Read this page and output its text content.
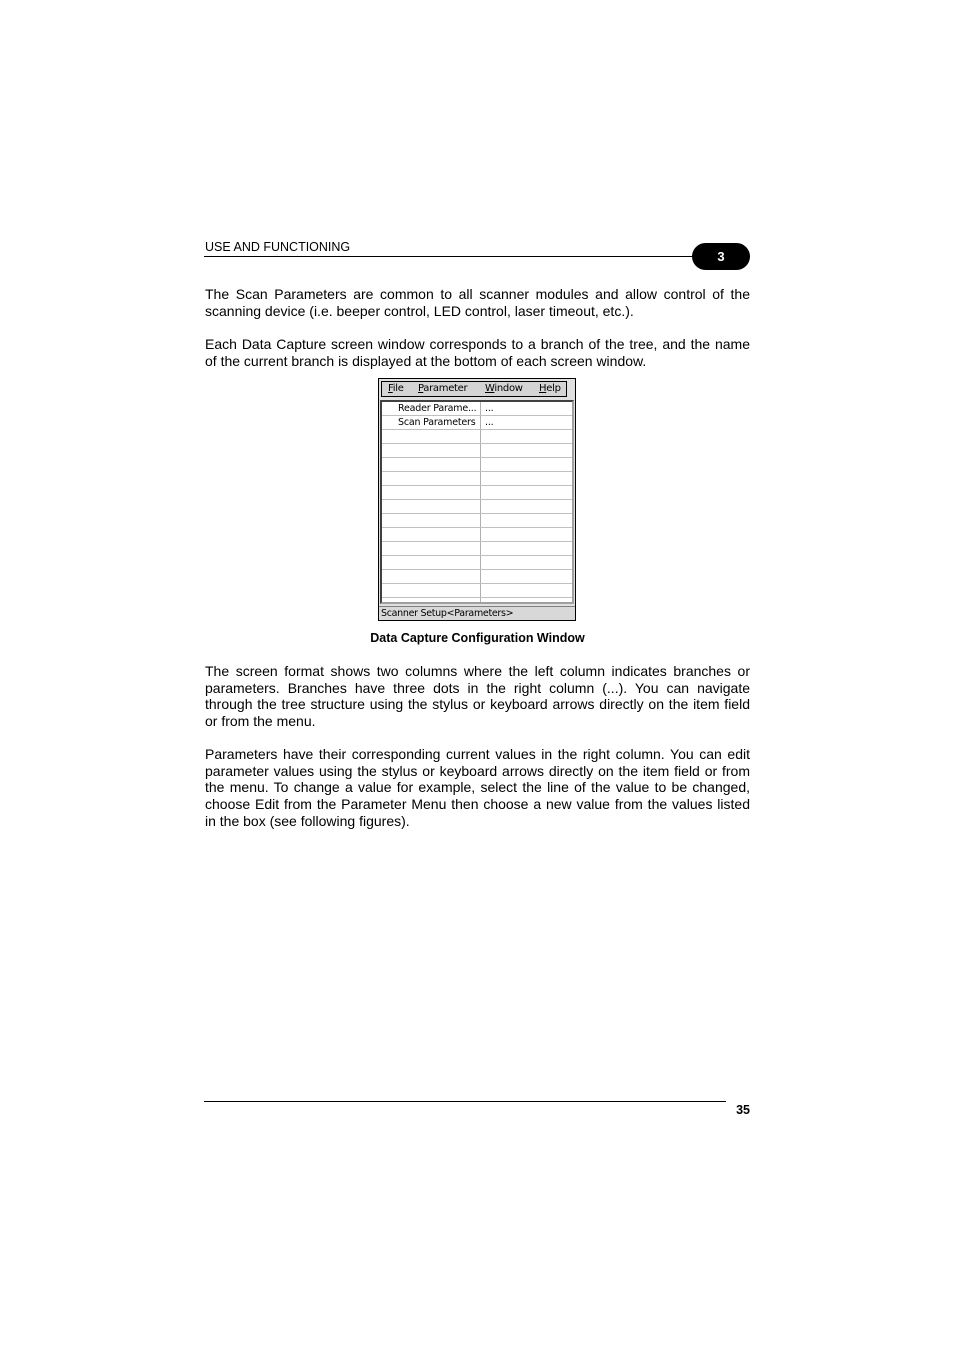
USE AND FUNCTIONING
3

The Scan Parameters are common to all scanner modules and allow control of the scanning device (i.e. beeper control, LED control, laser timeout, etc.).

Each Data Capture screen window corresponds to a branch of the tree, and the name of the current branch is displayed at the bottom of each screen window.

File Parameter Window Help
Reader Parame... ...
Scan Parameters ...
Scanner Setup<Parameters>
Data Capture Configuration Window

The screen format shows two columns where the left column indicates branches or parameters. Branches have three dots in the right column (...). You can navigate through the tree structure using the stylus or keyboard arrows directly on the item field or from the menu.

Parameters have their corresponding current values in the right column. You can edit parameter values using the stylus or keyboard arrows directly on the item field or from the menu. To change a value for example, select the line of the value to be changed, choose Edit from the Parameter Menu then choose a new value from the values listed in the box (see following figures).

35
